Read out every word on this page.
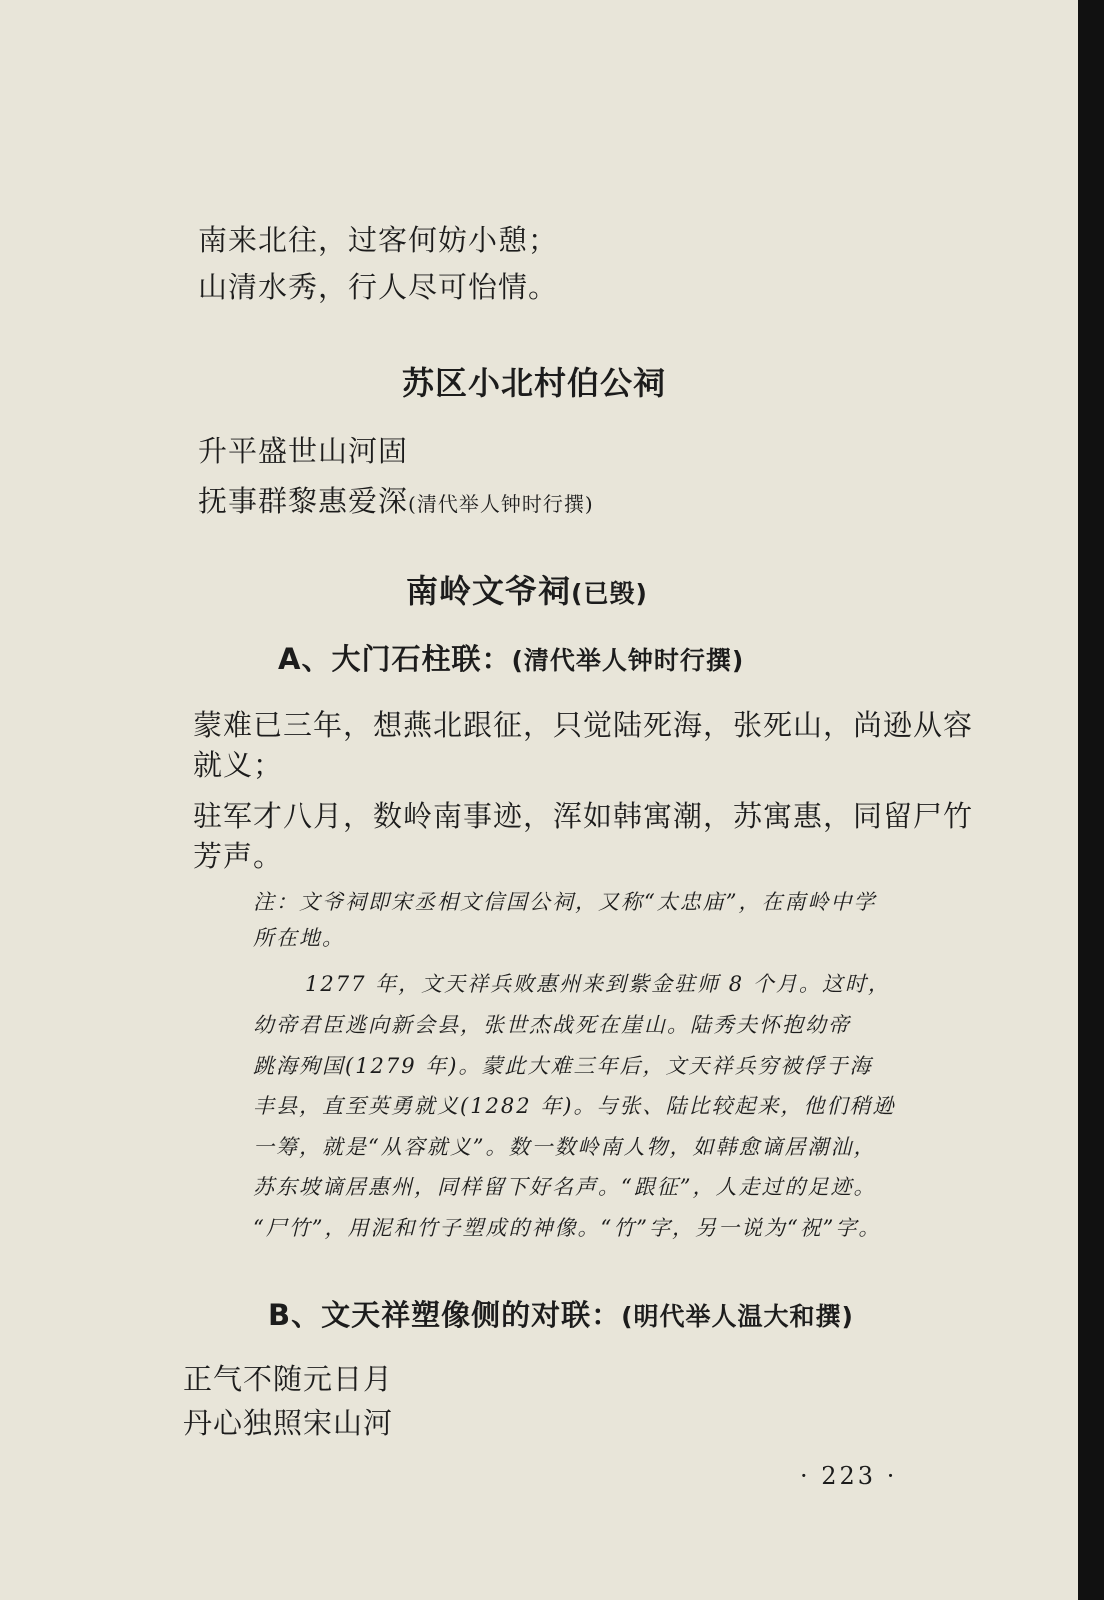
南来北往，过客何妨小憩；
山清水秀，行人尽可怡情。
苏区小北村伯公祠
升平盛世山河固
抚事群黎惠爱深(清代举人钟时行撰)
南岭文爷祠(已毁)
A、大门石柱联：(清代举人钟时行撰)
蒙难已三年，想燕北跟征，只觉陆死海，张死山，尚逊从容
就义；
驻军才八月，数岭南事迹，浑如韩寓潮，苏寓惠，同留尸竹
芳声。
注：文爷祠即宋丞相文信国公祠，又称“太忠庙”，在南岭中学
所在地。
1277 年，文天祥兵败惠州来到紫金驻师 8 个月。这时，
幼帝君臣逃向新会县，张世杰战死在崖山。陆秀夫怀抱幼帝
跳海殉国(1279 年)。蒙此大难三年后，文天祥兵穷被俘于海
丰县，直至英勇就义(1282 年)。与张、陆比较起来，他们稍逊
一筹，就是“从容就义”。数一数岭南人物，如韩愈谪居潮汕，
苏东坡谪居惠州，同样留下好名声。“跟征”，人走过的足迹。
“尸竹”，用泥和竹子塑成的神像。“竹”字，另一说为“祝”字。
B、文天祥塑像侧的对联：(明代举人温大和撰)
正气不随元日月
丹心独照宋山河
· 223 ·
